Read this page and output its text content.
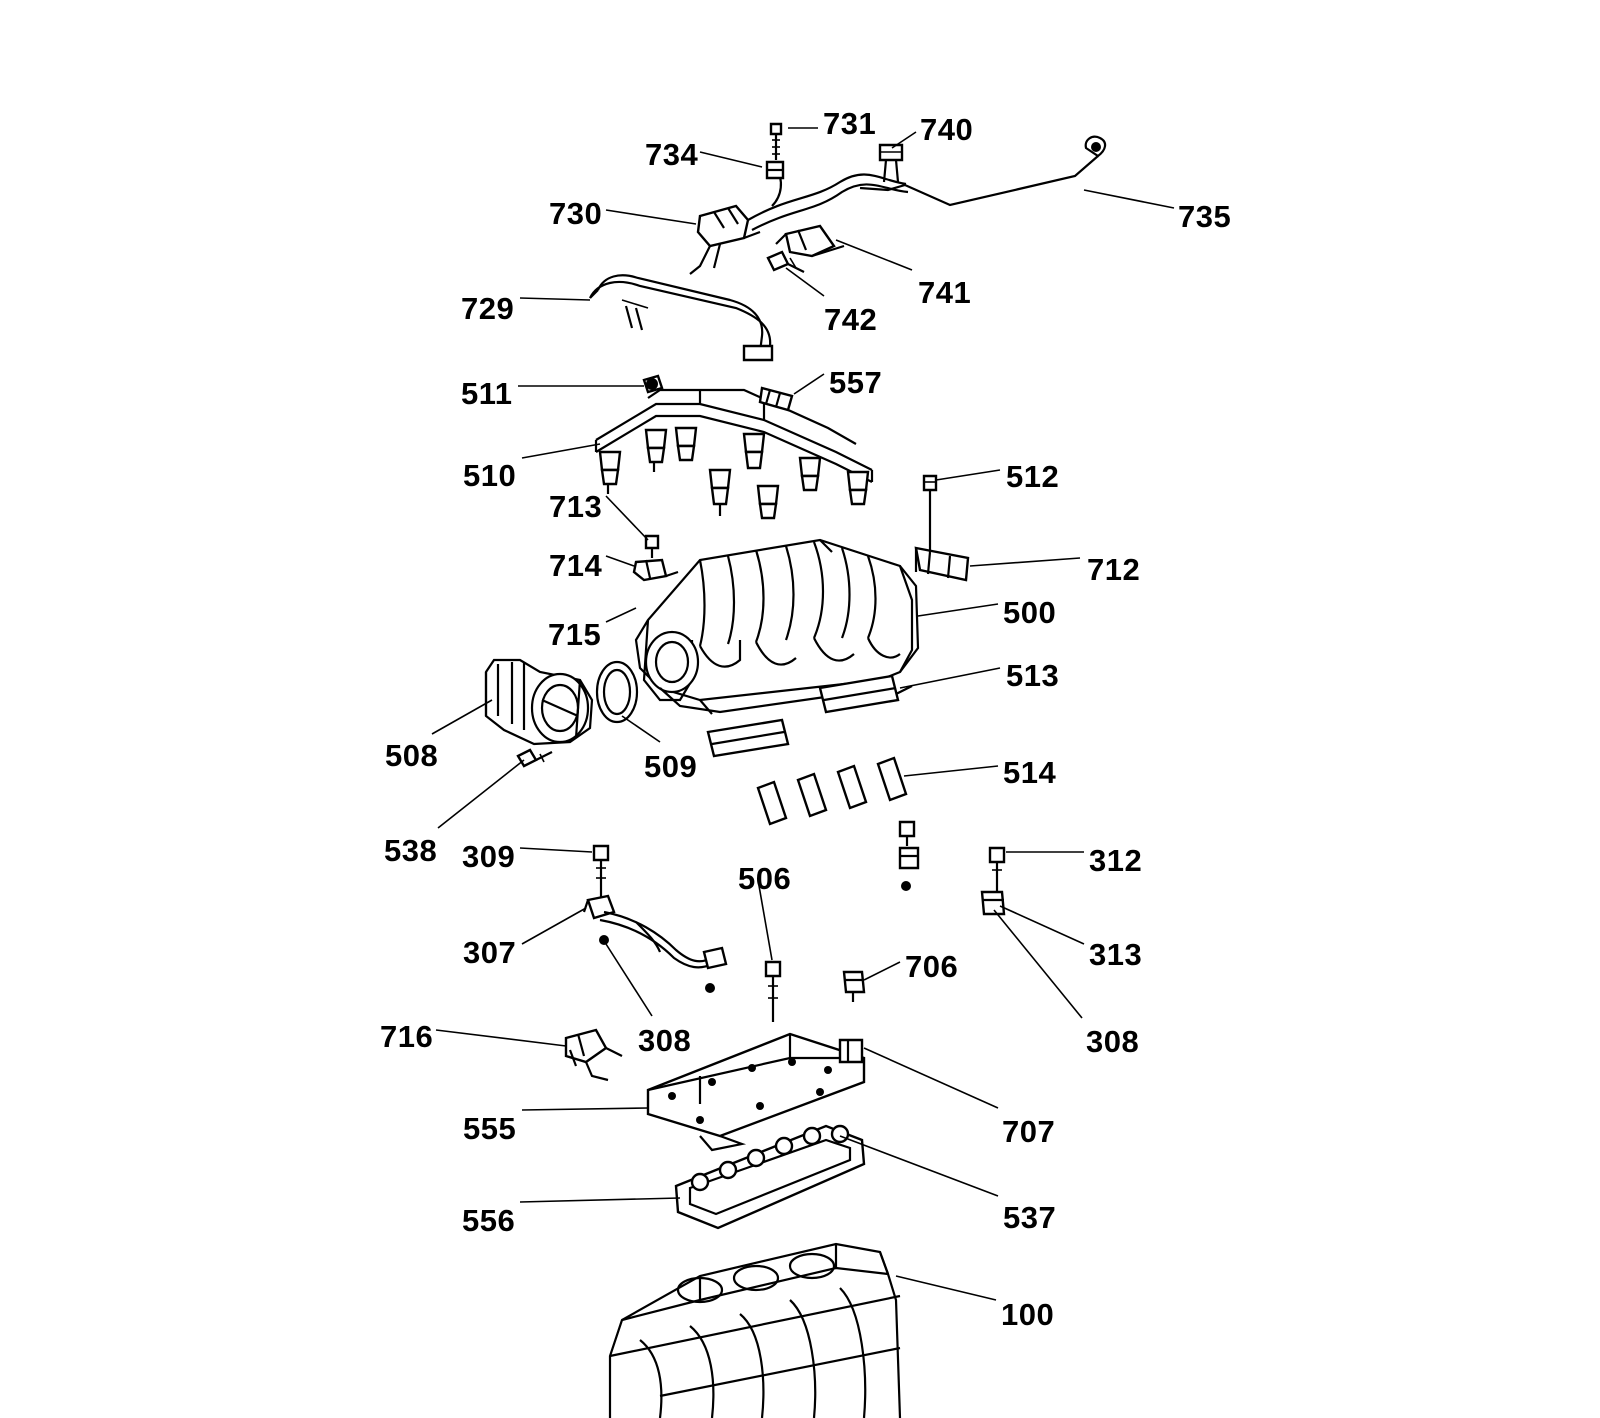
731 740
734
730	735
741
729	742
557
511
510	512
713
714	712
500
715
513
508	509	514
538 309	312
506
307	313
706
308
716	308
555	707
556	537
100
